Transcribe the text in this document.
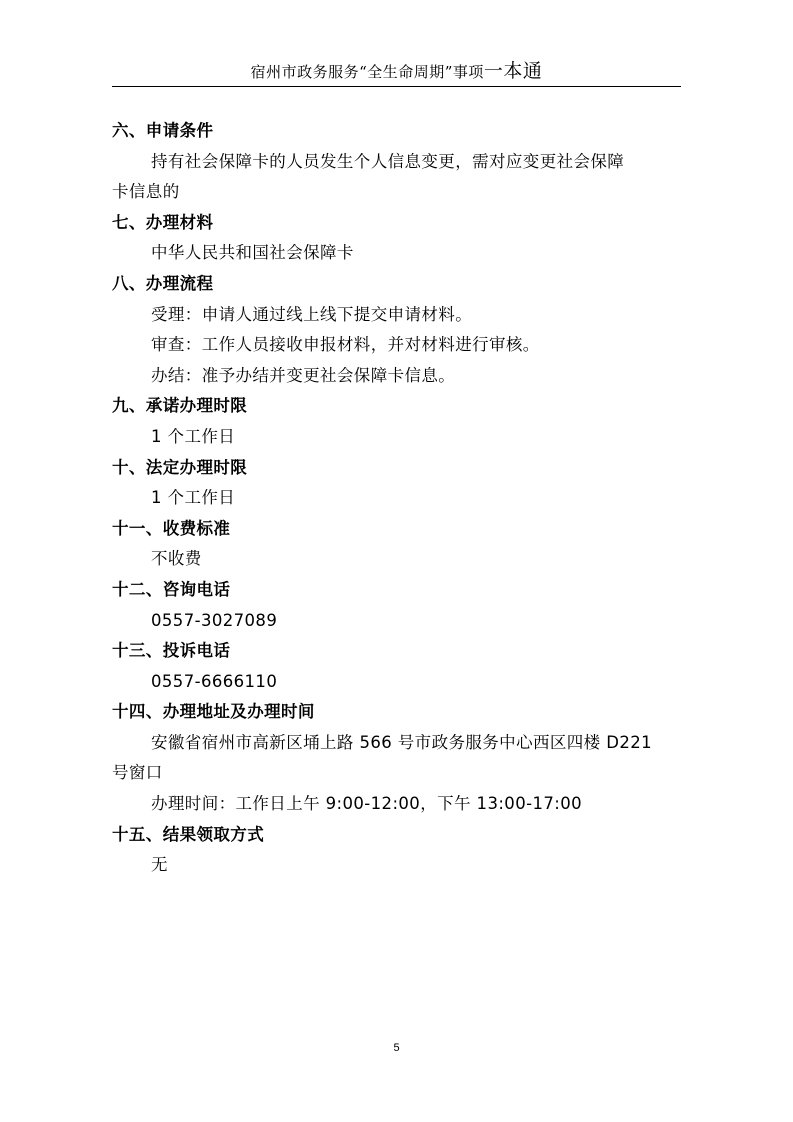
宿州市政务服务“全生命周期”事项一本通
六、申请条件
持有社会保障卡的人员发生个人信息变更，需对应变更社会保障
卡信息的
七、办理材料
中华人民共和国社会保障卡
八、办理流程
受理：申请人通过线上线下提交申请材料。
审查：工作人员接收申报材料，并对材料进行审核。
办结：准予办结并变更社会保障卡信息。
九、承诺办理时限
1 个工作日
十、法定办理时限
1 个工作日
十一、收费标准
不收费
十二、咨询电话
0557-3027089
十三、投诉电话
0557-6666110
十四、办理地址及办理时间
安徽省宿州市高新区埇上路 566 号市政务服务中心西区四楼 D221
号窗口
办理时间：工作日上午 9:00-12:00，下午 13:00-17:00
十五、结果领取方式
无
5
